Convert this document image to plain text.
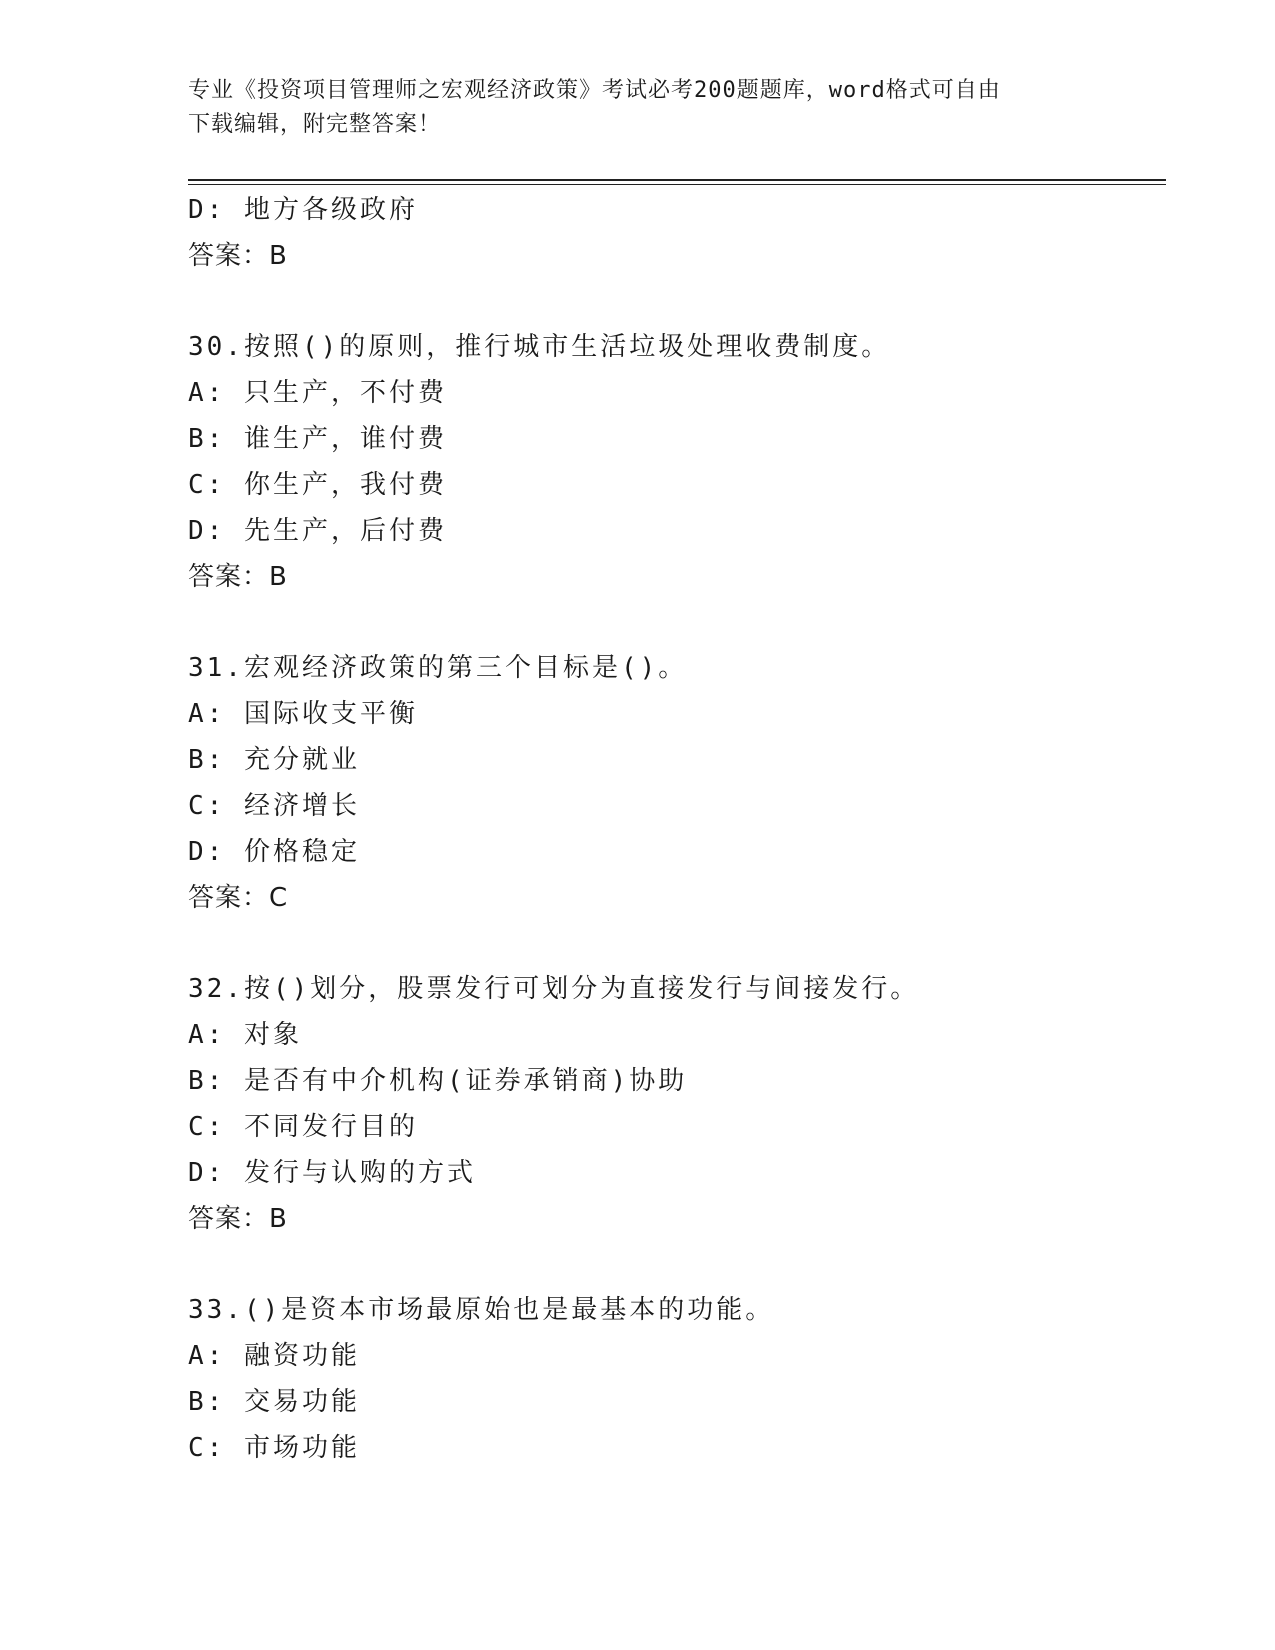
专业《投资项目管理师之宏观经济政策》考试必考200题题库，word格式可自由
下载编辑，附完整答案！
D: 地方各级政府
答案：B
30.按照()的原则，推行城市生活垃圾处理收费制度。
A: 只生产，不付费
B: 谁生产，谁付费
C: 你生产，我付费
D: 先生产，后付费
答案：B
31.宏观经济政策的第三个目标是()。
A: 国际收支平衡
B: 充分就业
C: 经济增长
D: 价格稳定
答案：C
32.按()划分，股票发行可划分为直接发行与间接发行。
A: 对象
B: 是否有中介机构(证券承销商)协助
C: 不同发行目的
D: 发行与认购的方式
答案：B
33.()是资本市场最原始也是最基本的功能。
A: 融资功能
B: 交易功能
C: 市场功能
